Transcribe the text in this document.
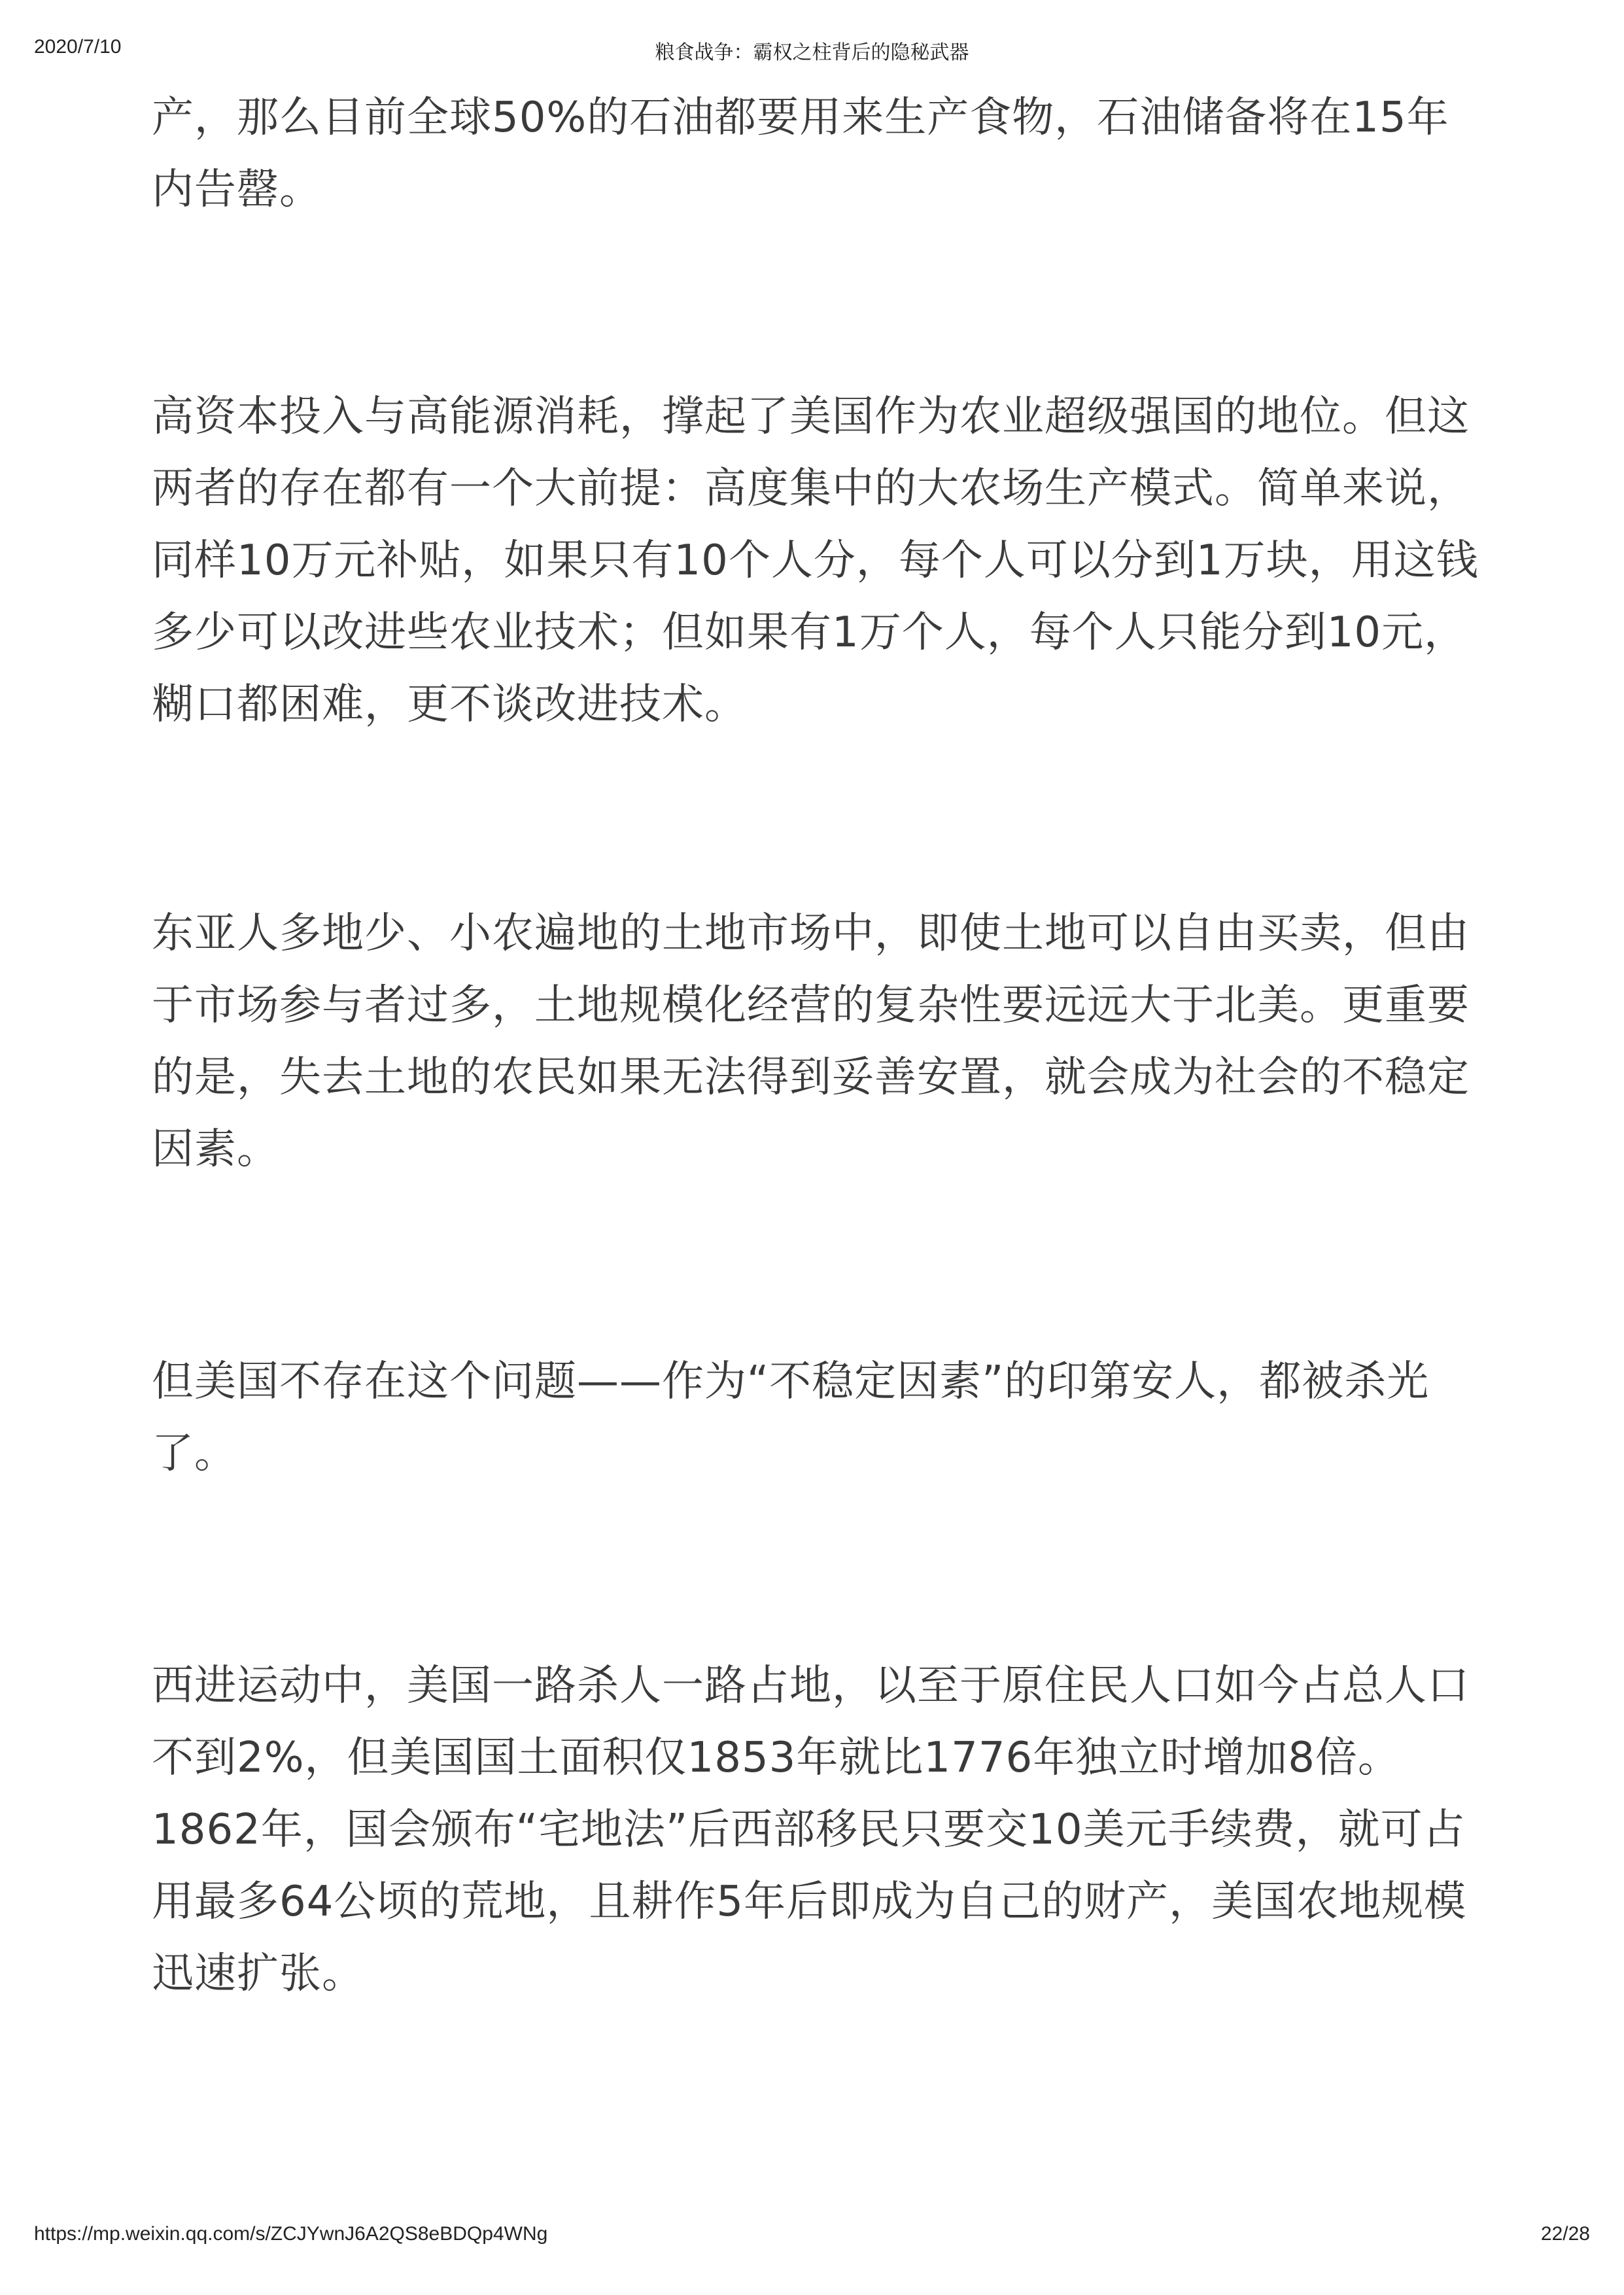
2020/7/10	粮食战争：霸权之柱背后的隐秘武器

产，那么目前全球50%的石油都要用来生产食物，石油储备将在15年内告罄。

高资本投入与高能源消耗，撑起了美国作为农业超级强国的地位。但这两者的存在都有一个大前提：高度集中的大农场生产模式。简单来说，同样10万元补贴，如果只有10个人分，每个人可以分到1万块，用这钱多少可以改进些农业技术；但如果有1万个人，每个人只能分到10元，糊口都困难，更不谈改进技术。

东亚人多地少、小农遍地的土地市场中，即使土地可以自由买卖，但由于市场参与者过多，土地规模化经营的复杂性要远远大于北美。更重要的是，失去土地的农民如果无法得到妥善安置，就会成为社会的不稳定因素。

但美国不存在这个问题——作为“不稳定因素”的印第安人，都被杀光了。

西进运动中，美国一路杀人一路占地，以至于原住民人口如今占总人口不到2%，但美国国土面积仅1853年就比1776年独立时增加8倍。1862年，国会颁布“宅地法”后西部移民只要交10美元手续费，就可占用最多64公顷的荒地，且耕作5年后即成为自己的财产，美国农地规模迅速扩张。

https://mp.weixin.qq.com/s/ZCJYwnJ6A2QS8eBDQp4WNg	22/28
